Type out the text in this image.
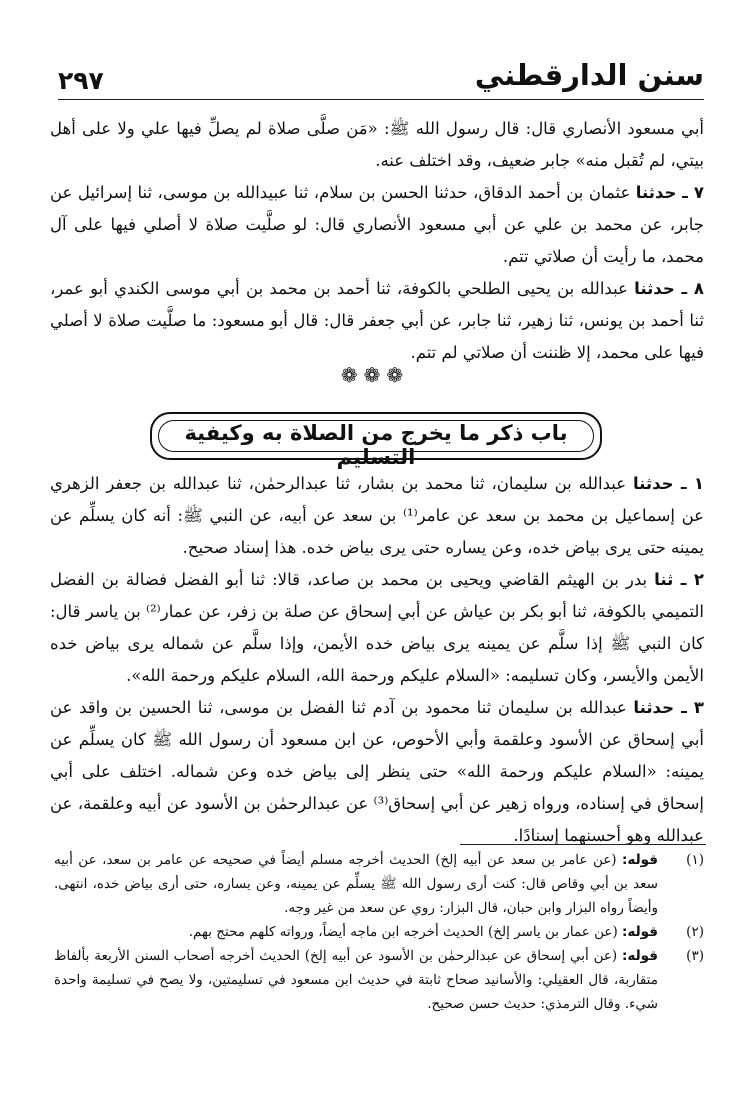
٢٩٧	سنن الدارقطني

أبي مسعود الأنصاري قال: قال رسول الله ﷺ: «مَن صلَّى صلاة لم يصلِّ فيها علي ولا على أهل بيتي، لم تُقبل منه» جابر ضعيف، وقد اختلف عنه.

٧ ـ حدثنا عثمان بن أحمد الدقاق، حدثنا الحسن بن سلام، ثنا عبيدالله بن موسى، ثنا إسرائيل عن جابر، عن محمد بن علي عن أبي مسعود الأنصاري قال: لو صلَّيت صلاة لا أصلي فيها على آل محمد، ما رأيت أن صلاتي تتم.

٨ ـ حدثنا عبدالله بن يحيى الطلحي بالكوفة، ثنا أحمد بن محمد بن أبي موسى الكندي أبو عمر، ثنا أحمد بن يونس، ثنا زهير، ثنا جابر، عن أبي جعفر قال: قال أبو مسعود: ما صلَّيت صلاة لا أصلي فيها على محمد، إلا ظننت أن صلاتي لم تتم.

❁❁❁
باب ذكر ما يخرج من الصلاة به وكيفية التسليم

١ ـ حدثنا عبدالله بن سليمان، ثنا محمد بن بشار، ثنا عبدالرحمٰن، ثنا عبدالله بن جعفر الزهري عن إسماعيل بن محمد بن سعد عن عامر⁽¹⁾ بن سعد عن أبيه، عن النبي ﷺ: أنه كان يسلِّم عن يمينه حتى يرى بياض خده، وعن يساره حتى يرى بياض خده. هذا إسناد صحيح.

٢ ـ ثنا بدر بن الهيثم القاضي ويحيى بن محمد بن صاعد، قالا: ثنا أبو الفضل فضالة بن الفضل التميمي بالكوفة، ثنا أبو بكر بن عياش عن أبي إسحاق عن صلة بن زفر، عن عمار⁽²⁾ بن ياسر قال: كان النبي ﷺ إذا سلَّم عن يمينه يرى بياض خده الأيمن، وإذا سلَّم عن شماله يرى بياض خده الأيمن والأيسر، وكان تسليمه: «السلام عليكم ورحمة الله، السلام عليكم ورحمة الله».

٣ ـ حدثنا عبدالله بن سليمان ثنا محمود بن آدم ثنا الفضل بن موسى، ثنا الحسين بن واقد عن أبي إسحاق عن الأسود وعلقمة وأبي الأحوص، عن ابن مسعود أن رسول الله ﷺ كان يسلِّم عن يمينه: «السلام عليكم ورحمة الله» حتى ينظر إلى بياض خده وعن شماله. اختلف على أبي إسحاق في إسناده، ورواه زهير عن أبي إسحاق⁽³⁾ عن عبدالرحمٰن بن الأسود عن أبيه وعلقمة، عن عبدالله وهو أحسنهما إسنادًا.

(١)
قوله: (عن عامر بن سعد عن أبيه إلخ) الحديث أخرجه مسلم أيضاً في صحيحه عن عامر بن سعد، عن أبيه سعد بن أبي وقاص قال: كنت أرى رسول الله ﷺ يسلِّم عن يمينه، وعن يساره، حتى أرى بياض خده، انتهى. وأيضاً رواه البزار وابن حبان، قال البزار: روي عن سعد من غير وجه.
(٢)
قوله: (عن عمار بن ياسر إلخ) الحديث أخرجه ابن ماجه أيضاً، ورواته كلهم محتج بهم.
(٣)
قوله: (عن أبي إسحاق عن عبدالرحمٰن بن الأسود عن أبيه إلخ) الحديث أخرجه أصحاب السنن الأربعة بألفاظ متقاربة، قال العقيلي: والأسانيد صحاح ثابتة في حديث ابن مسعود في تسليمتين، ولا يصح في تسليمة واحدة شيء. وقال الترمذي: حديث حسن صحيح.
